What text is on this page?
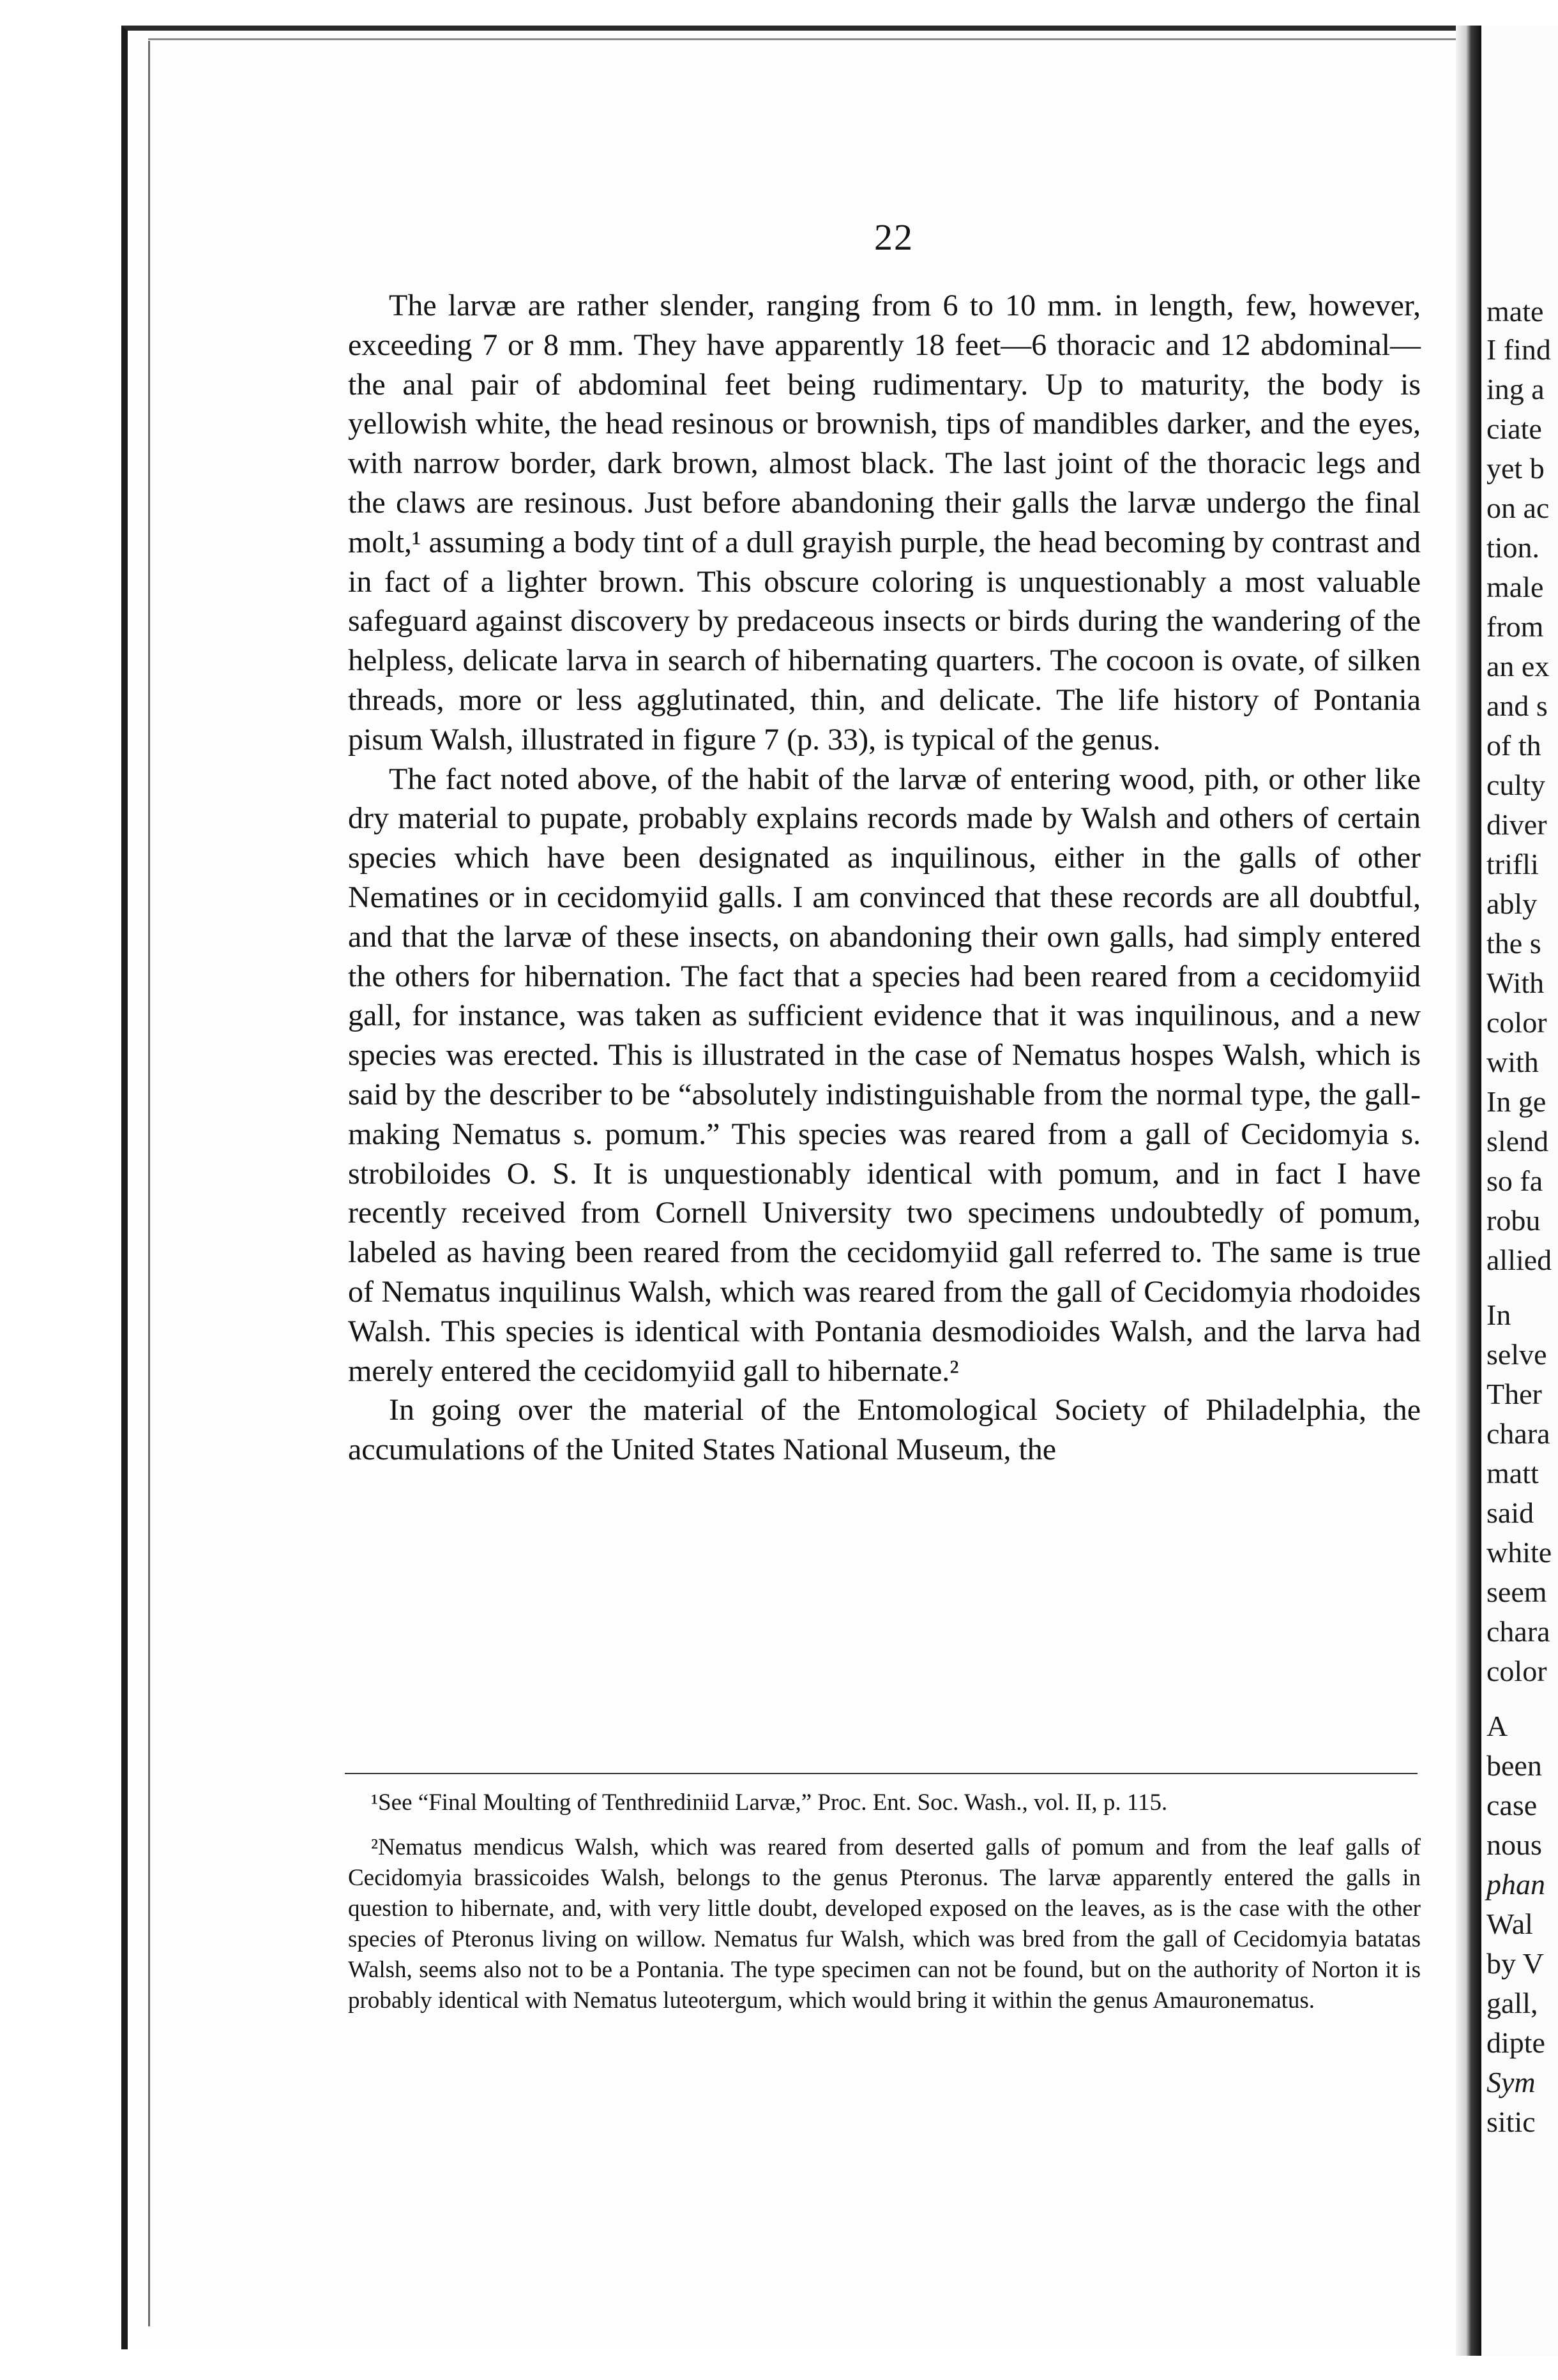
22

The larvæ are rather slender, ranging from 6 to 10 mm. in length, few, however, exceeding 7 or 8 mm. They have apparently 18 feet—6 thoracic and 12 abdominal—the anal pair of abdominal feet being rudimentary. Up to maturity, the body is yellowish white, the head resinous or brownish, tips of mandibles darker, and the eyes, with narrow border, dark brown, almost black. The last joint of the thoracic legs and the claws are resinous. Just before abandoning their galls the larvæ undergo the final molt,¹ assuming a body tint of a dull grayish purple, the head becoming by contrast and in fact of a lighter brown. This obscure coloring is unquestionably a most valuable safeguard against discovery by predaceous insects or birds during the wandering of the helpless, delicate larva in search of hibernating quarters. The cocoon is ovate, of silken threads, more or less agglutinated, thin, and delicate. The life history of Pontania pisum Walsh, illustrated in figure 7 (p. 33), is typical of the genus.

The fact noted above, of the habit of the larvæ of entering wood, pith, or other like dry material to pupate, probably explains records made by Walsh and others of certain species which have been designated as inquilinous, either in the galls of other Nematines or in cecidomyiid galls. I am convinced that these records are all doubtful, and that the larvæ of these insects, on abandoning their own galls, had simply entered the others for hibernation. The fact that a species had been reared from a cecidomyiid gall, for instance, was taken as sufficient evidence that it was inquilinous, and a new species was erected. This is illustrated in the case of Nematus hospes Walsh, which is said by the describer to be “absolutely indistinguishable from the normal type, the gall-making Nematus s. pomum.” This species was reared from a gall of Cecidomyia s. strobiloides O. S. It is unquestionably identical with pomum, and in fact I have recently received from Cornell University two specimens undoubtedly of pomum, labeled as having been reared from the cecidomyiid gall referred to. The same is true of Nematus inquilinus Walsh, which was reared from the gall of Cecidomyia rhodoides Walsh. This species is identical with Pontania desmodioides Walsh, and the larva had merely entered the cecidomyiid gall to hibernate.²

In going over the material of the Entomological Society of Philadelphia, the accumulations of the United States National Museum, the

¹See “Final Moulting of Tenthrediniid Larvæ,” Proc. Ent. Soc. Wash., vol. II, p. 115.

²Nematus mendicus Walsh, which was reared from deserted galls of pomum and from the leaf galls of Cecidomyia brassicoides Walsh, belongs to the genus Pteronus. The larvæ apparently entered the galls in question to hibernate, and, with very little doubt, developed exposed on the leaves, as is the case with the other species of Pteronus living on willow. Nematus fur Walsh, which was bred from the gall of Cecidomyia batatas Walsh, seems also not to be a Pontania. The type specimen can not be found, but on the authority of Norton it is probably identical with Nematus luteotergum, which would bring it within the genus Amauronematus.

mate
I find
ing a
ciate
yet b
on ac
tion.
male
from
an ex
and s
of th
culty
diver
trifli
ably
the s
With
color
with
In ge
slend
so fa
robu
allied
In
selve
Ther
chara
matt
said
white
seem
chara
color
A
been
case
nous
phan
Wal
by V
gall,
dipte
Sym
sitic
